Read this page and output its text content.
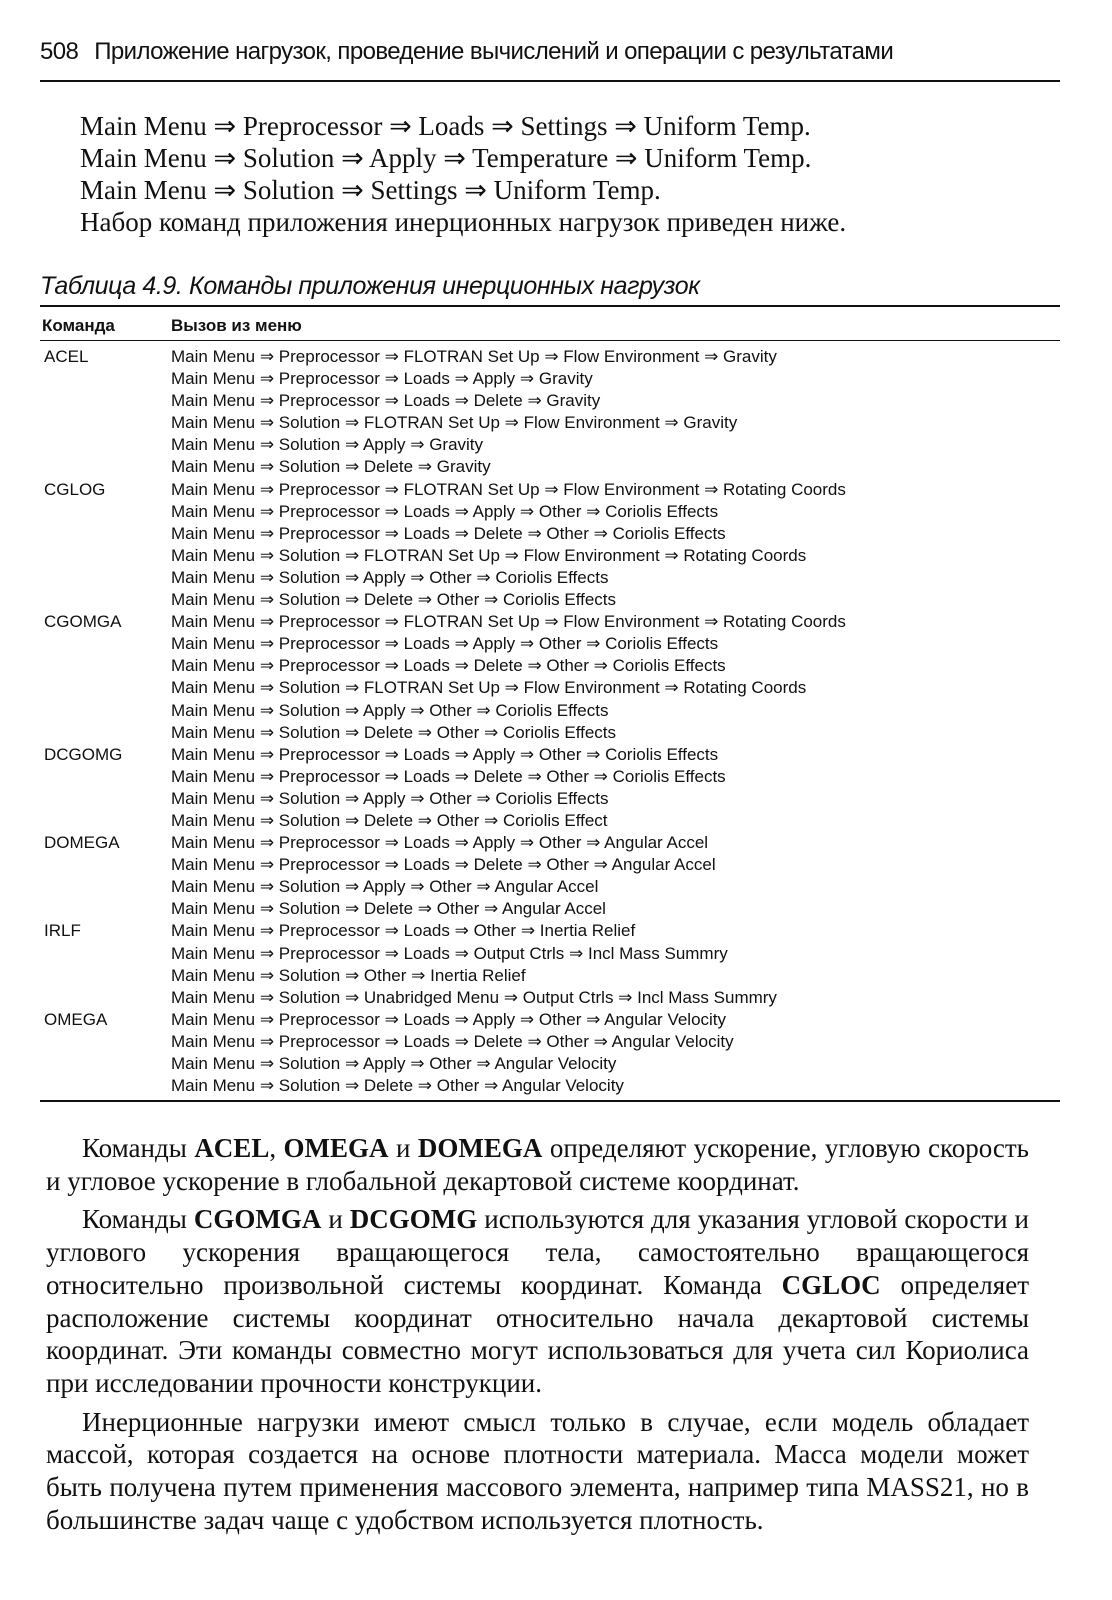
508 Приложение нагрузок, проведение вычислений и операции с результатами
Main Menu ⇒ Preprocessor ⇒ Loads ⇒ Settings ⇒ Uniform Temp.
Main Menu ⇒ Solution ⇒ Apply ⇒ Temperature ⇒ Uniform Temp.
Main Menu ⇒ Solution ⇒ Settings ⇒ Uniform Temp.
Набор команд приложения инерционных нагрузок приведен ниже.
Таблица 4.9. Команды приложения инерционных нагрузок
Команда	Вызов из меню
ACEL	Main Menu ⇒ Preprocessor ⇒ FLOTRAN Set Up ⇒ Flow Environment ⇒ Gravity
Main Menu ⇒ Preprocessor ⇒ Loads ⇒ Apply ⇒ Gravity
Main Menu ⇒ Preprocessor ⇒ Loads ⇒ Delete ⇒ Gravity
Main Menu ⇒ Solution ⇒ FLOTRAN Set Up ⇒ Flow Environment ⇒ Gravity
Main Menu ⇒ Solution ⇒ Apply ⇒ Gravity
Main Menu ⇒ Solution ⇒ Delete ⇒ Gravity
CGLOG	Main Menu ⇒ Preprocessor ⇒ FLOTRAN Set Up ⇒ Flow Environment ⇒ Rotating Coords
Main Menu ⇒ Preprocessor ⇒ Loads ⇒ Apply ⇒ Other ⇒ Coriolis Effects
Main Menu ⇒ Preprocessor ⇒ Loads ⇒ Delete ⇒ Other ⇒ Coriolis Effects
Main Menu ⇒ Solution ⇒ FLOTRAN Set Up ⇒ Flow Environment ⇒ Rotating Coords
Main Menu ⇒ Solution ⇒ Apply ⇒ Other ⇒ Coriolis Effects
Main Menu ⇒ Solution ⇒ Delete ⇒ Other ⇒ Coriolis Effects
CGOMGA	Main Menu ⇒ Preprocessor ⇒ FLOTRAN Set Up ⇒ Flow Environment ⇒ Rotating Coords
Main Menu ⇒ Preprocessor ⇒ Loads ⇒ Apply ⇒ Other ⇒ Coriolis Effects
Main Menu ⇒ Preprocessor ⇒ Loads ⇒ Delete ⇒ Other ⇒ Coriolis Effects
Main Menu ⇒ Solution ⇒ FLOTRAN Set Up ⇒ Flow Environment ⇒ Rotating Coords
Main Menu ⇒ Solution ⇒ Apply ⇒ Other ⇒ Coriolis Effects
Main Menu ⇒ Solution ⇒ Delete ⇒ Other ⇒ Coriolis Effects
DCGOMG	Main Menu ⇒ Preprocessor ⇒ Loads ⇒ Apply ⇒ Other ⇒ Coriolis Effects
Main Menu ⇒ Preprocessor ⇒ Loads ⇒ Delete ⇒ Other ⇒ Coriolis Effects
Main Menu ⇒ Solution ⇒ Apply ⇒ Other ⇒ Coriolis Effects
Main Menu ⇒ Solution ⇒ Delete ⇒ Other ⇒ Coriolis Effect
DOMEGA	Main Menu ⇒ Preprocessor ⇒ Loads ⇒ Apply ⇒ Other ⇒ Angular Accel
Main Menu ⇒ Preprocessor ⇒ Loads ⇒ Delete ⇒ Other ⇒ Angular Accel
Main Menu ⇒ Solution ⇒ Apply ⇒ Other ⇒ Angular Accel
Main Menu ⇒ Solution ⇒ Delete ⇒ Other ⇒ Angular Accel
IRLF	Main Menu ⇒ Preprocessor ⇒ Loads ⇒ Other ⇒ Inertia Relief
Main Menu ⇒ Preprocessor ⇒ Loads ⇒ Output Ctrls ⇒ Incl Mass Summry
Main Menu ⇒ Solution ⇒ Other ⇒ Inertia Relief
Main Menu ⇒ Solution ⇒ Unabridged Menu ⇒ Output Ctrls ⇒ Incl Mass Summry
OMEGA	Main Menu ⇒ Preprocessor ⇒ Loads ⇒ Apply ⇒ Other ⇒ Angular Velocity
Main Menu ⇒ Preprocessor ⇒ Loads ⇒ Delete ⇒ Other ⇒ Angular Velocity
Main Menu ⇒ Solution ⇒ Apply ⇒ Other ⇒ Angular Velocity
Main Menu ⇒ Solution ⇒ Delete ⇒ Other ⇒ Angular Velocity

Команды ACEL, OMEGA и DOMEGA определяют ускорение, угловую скорость и угловое ускорение в глобальной декартовой системе координат.

Команды CGOMGA и DCGOMG используются для указания угловой скорости и углового ускорения вращающегося тела, самостоятельно вращающегося относительно произвольной системы координат. Команда CGLOC определяет расположение системы координат относительно начала декартовой системы координат. Эти команды совместно могут использоваться для учета сил Кориолиса при исследовании прочности конструкции.

Инерционные нагрузки имеют смысл только в случае, если модель обладает массой, которая создается на основе плотности материала. Масса модели может быть получена путем применения массового элемента, например типа MASS21, но в большинстве задач чаще с удобством используется плотность.
